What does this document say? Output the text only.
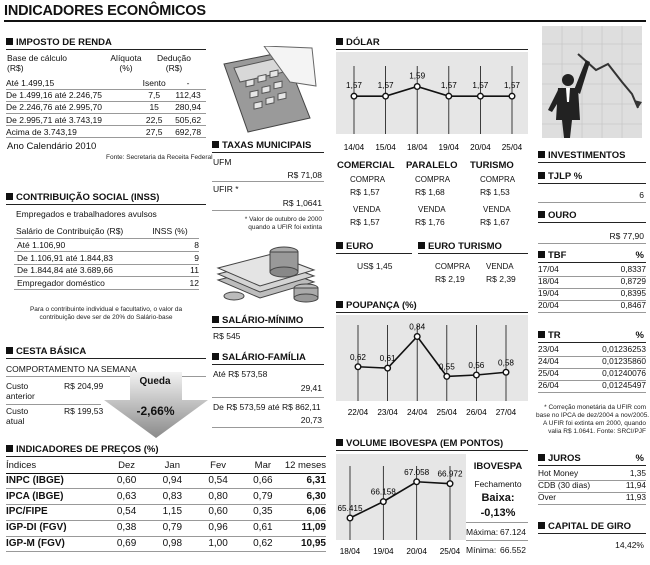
INDICADORES ECONÔMICOS
IMPOSTO DE RENDA
Base de cálculo
(R$)
Alíquota
(%)
Dedução
(R$)
Até 1.499,15	Isento	-
De 1.499,16 até 2.246,75	7,5	112,43
De 2.246,76 até 2.995,70	15	280,94
De 2.995,71 até 3.743,19	22,5	505,62
Acima de 3.743,19	27,5	692,78
Ano Calendário 2010
Fonte: Secretaria da Receita Federal
CONTRIBUIÇÃO SOCIAL (INSS)
Empregados e trabalhadores avulsos
Salário de Contribuição (R$)	INSS (%)
Até 1.106,90	8
De 1.106,91 até 1.844,83	9
De 1.844,84 até 3.689,66	11
Empregador doméstico	12
Para o contribuinte individual e facultativo, o valor da
contribuição deve ser de 20% do Salário-base
CESTA BÁSICA
COMPORTAMENTO NA SEMANA
Custo
anterior
R$ 204,99
Custo
atual
R$ 199,53
Queda
-2,66%
INDICADORES DE PREÇOS (%)
Índices	Dez	Jan	Fev	Mar	12 meses
INPC (IBGE)	0,60	0,94	0,54	0,66	6,31
IPCA (IBGE)	0,63	0,83	0,80	0,79	6,30
IPC/FIPE	0,54	1,15	0,60	0,35	6,06
IGP-DI (FGV)	0,38	0,79	0,96	0,61	11,09
IGP-M (FGV)	0,69	0,98	1,00	0,62	10,95
TAXAS MUNICIPAIS
UFM
R$ 71,08
UFIR *
R$ 1,0641
* Valor de outubro de 2000
quando a UFIR foi extinta
SALÁRIO-MÍNIMO
R$ 545
SALÁRIO-FAMÍLIA
Até R$ 573,58
29,41
De R$ 573,59 até R$ 862,11
20,73
DÓLAR
1,57
14/04
1,57
15/04
1,59
18/04
1,57
19/04
1,57
20/04
1,57
25/04
COMERCIAL PARALELO TURISMO
COMPRA	COMPRA	COMPRA
R$ 1,57	R$ 1,68	R$ 1,53
VENDA	VENDA	VENDA
R$ 1,57	R$ 1,76	R$ 1,67
EURO
US$ 1,45
EURO TURISMO
COMPRA VENDA
R$ 2,19 R$ 2,39
POUPANÇA (%)
0,62
22/04
0,61
23/04
0,84
24/04
0,55
25/04
0,56
26/04
0,58
27/04
VOLUME IBOVESPA (EM PONTOS)
65.415
18/04
66.158
19/04
67.058
20/04
66.972
25/04
IBOVESPA
Fechamento
Baixa:
-0,13%
Máxima: 67.124
Mínima: 66.552
INVESTIMENTOS
TJLP %
6
OURO
R$ 77,90
TBF	%
17/04	0,8337
18/04	0,8729
19/04	0,8395
20/04	0,8467
TR	%
23/04	0,01236253
24/04	0,01235860
25/04	0,01240076
26/04	0,01245497
* Correção monetária da UFIR com
base no IPCA de dez/2004 a nov/2005.
A UFIR foi extinta em 2000, quando
valia R$ 1.0641. Fonte: SRCI/PJF
JUROS	%
Hot Money	1,35
CDB (30 dias)	11,94
Over	11,93
CAPITAL DE GIRO
14,42%
